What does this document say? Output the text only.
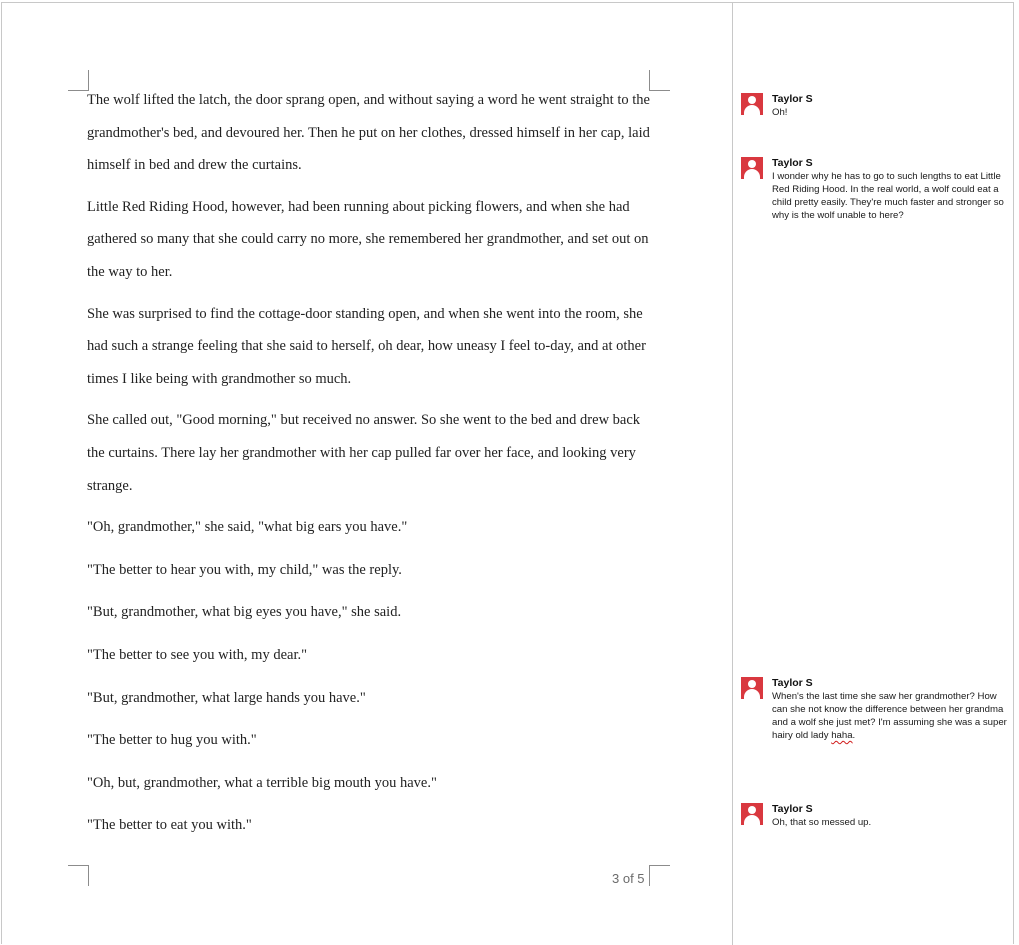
The wolf lifted the latch, the door sprang open, and without saying a word he went straight to the grandmother's bed, and devoured her. Then he put on her clothes, dressed himself in her cap, laid himself in bed and drew the curtains.

Little Red Riding Hood, however, had been running about picking flowers, and when she had gathered so many that she could carry no more, she remembered her grandmother, and set out on the way to her.

She was surprised to find the cottage-door standing open, and when she went into the room, she had such a strange feeling that she said to herself, oh dear, how uneasy I feel to-day, and at other times I like being with grandmother so much.

She called out, "Good morning," but received no answer. So she went to the bed and drew back the curtains. There lay her grandmother with her cap pulled far over her face, and looking very strange.

"Oh, grandmother," she said, "what big ears you have."

"The better to hear you with, my child," was the reply.

"But, grandmother, what big eyes you have," she said.

"The better to see you with, my dear."

"But, grandmother, what large hands you have."

"The better to hug you with."

"Oh, but, grandmother, what a terrible big mouth you have."

"The better to eat you with."

3 of 5
Taylor S
Oh!
Taylor S
I wonder why he has to go to such lengths to eat Little Red Riding Hood. In the real world, a wolf could eat a child pretty easily. They're much faster and stronger so why is the wolf unable to here?
Taylor S
When's the last time she saw her grandmother? How can she not know the difference between her grandma and a wolf she just met? I'm assuming she was a super hairy old lady haha.
Taylor S
Oh, that so messed up.
